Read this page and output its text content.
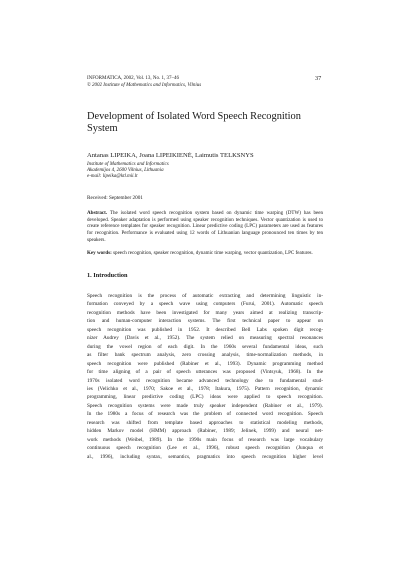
INFORMATICA, 2002, Vol. 13, No. 1, 37–46
© 2002 Institute of Mathematics and Informatics, Vilnius
37
Development of Isolated Word Speech Recognition
System
Antanas LIPEIKA, Joana LIPEIKIENĖ, Laimutis TELKSNYS
Institute of Mathematics and Informatics
Akademijos 4, 2600 Vilnius, Lithuania
e-mail: lipeika@ktl.mii.lt
Received: September 2001
Abstract. The isolated word speech recognition system based on dynamic time warping (DTW) has been developed. Speaker adaptation is performed using speaker recognition techniques. Vector quantization is used to create reference templates for speaker recognition. Linear predictive coding (LPC) parameters are used as features for recognition. Performance is evaluated using 12 words of Lithuanian language pronounced ten times by ten speakers.
Key words: speech recognition, speaker recognition, dynamic time warping, vector quantization, LPC features.
1. Introduction
Speech recognition is the process of automatic extracting and determining linguistic in-
formation conveyed by a speech wave using computers (Furui, 2001). Automatic speech
recognition methods have been investigated for many years aimed at realizing transcrip-
tion and human-computer interaction systems. The first technical paper to appear on
speech recognition was published in 1952. It described Bell Labs spoken digit recog-
nizer Audrey (Davis et al., 1952). The system relied on measuring spectral resonances
during the vowel region of each digit. In the 1960s several fundamental ideas, such
as filter bank spectrum analysis, zero crossing analysis, time-normalization methods, in
speech recognition were published (Rabiner et al., 1993). Dynamic programming method
for time aligning of a pair of speech utterances was proposed (Vintsyuk, 1968). In the
1970s isolated word recognition became advanced technology due to fundamental stud-
ies (Velichko et al., 1970; Sakoe et al., 1978; Itakura, 1975). Pattern recognition, dynamic
programming, linear predictive coding (LPC) ideas were applied to speech recognition.
Speech recognition systems were made truly speaker independent (Rabiner et al., 1979).
In the 1980s a focus of research was the problem of connected word recognition. Speech
research was shifted from template based approaches to statistical modeling methods,
hidden Markov model (HMM) approach (Rabiner, 1989; Jelinek, 1999) and neural net-
work methods (Weibel, 1989). In the 1990s main focus of research was large vocabulary
continuous speech recognition (Lee et al., 1996), robust speech recognition (Junqua et
al., 1996), including syntax, semantics, pragmatics into speech recognition higher level
